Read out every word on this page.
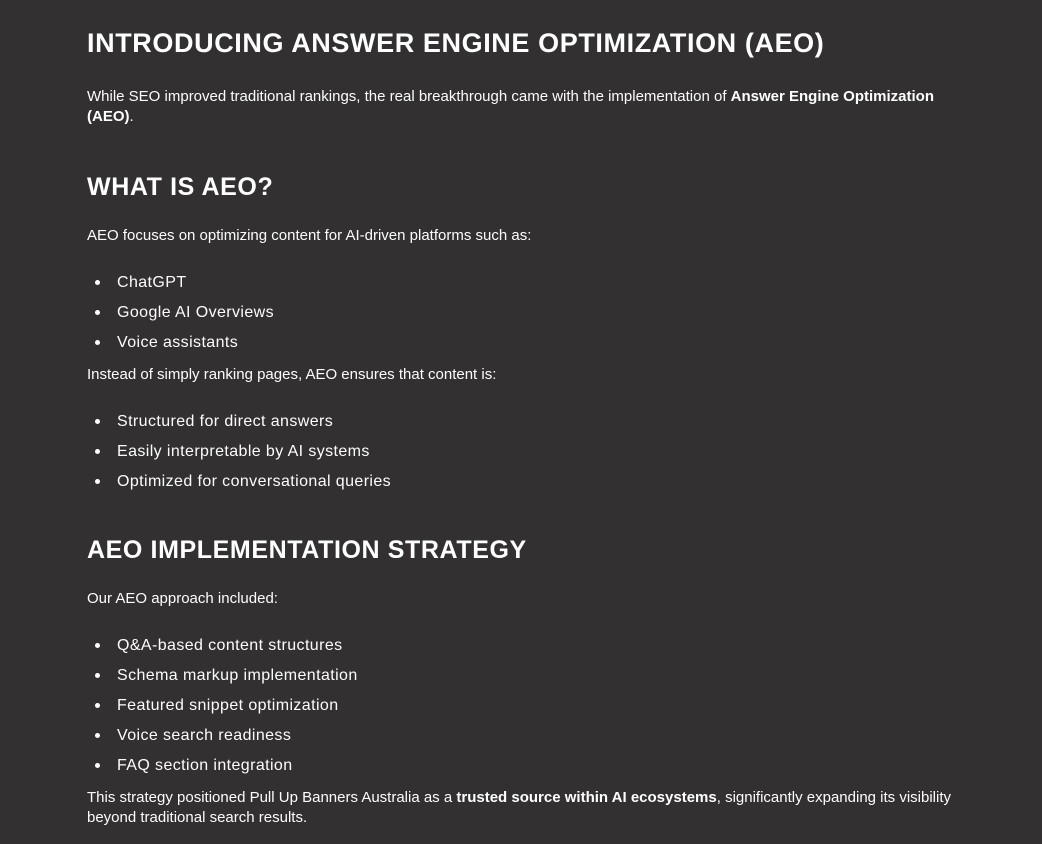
INTRODUCING ANSWER ENGINE OPTIMIZATION (AEO)

While SEO improved traditional rankings, the real breakthrough came with the implementation of Answer Engine Optimization (AEO).

WHAT IS AEO?

AEO focuses on optimizing content for AI-driven platforms such as:

ChatGPT
Google AI Overviews
Voice assistants

Instead of simply ranking pages, AEO ensures that content is:

Structured for direct answers
Easily interpretable by AI systems
Optimized for conversational queries
AEO IMPLEMENTATION STRATEGY

Our AEO approach included:

Q&A-based content structures
Schema markup implementation
Featured snippet optimization
Voice search readiness
FAQ section integration

This strategy positioned Pull Up Banners Australia as a trusted source within AI ecosystems, significantly expanding its visibility beyond traditional search results.
